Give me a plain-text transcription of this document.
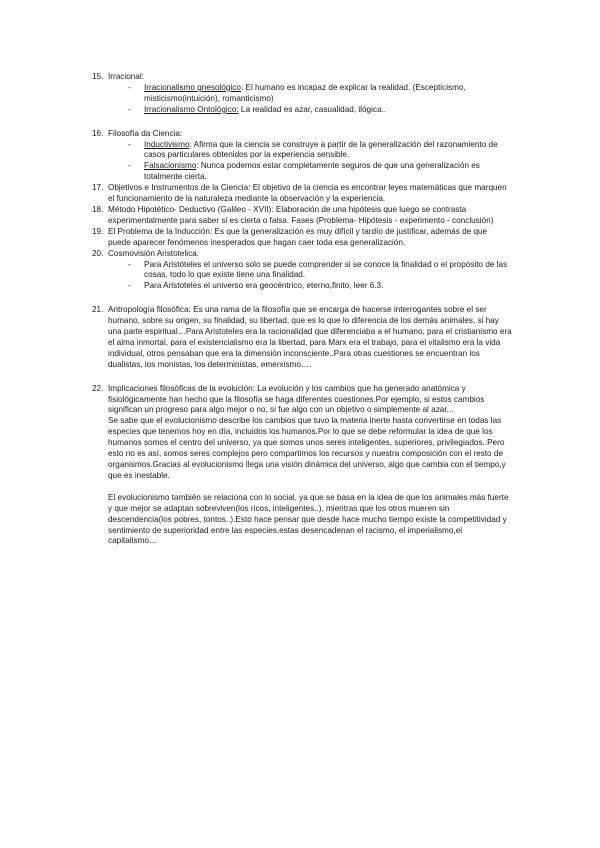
15. Irracional:
- Irracionalismo gnesológico: El humano es incapaz de explicar la realidad. (Escepticismo, misticismo(intuición), romanticismo)
- Irracionalismo Ontológico: La realidad es azar, casualidad, ilógica..
16. Filosofía da Ciencia:
- Inductivismo: Afirma que la ciencia se construye a partir de la generalización del razonamiento de casos particulares obtenidos por la experiencia sensible.
- Falsacionismo: Nunca podemos estar completamente seguros de que una generalización es totalmente cierta.
17. Objetivos e Instrumentos de la Ciencia: El objetivo de la ciencia es encontrar leyes matemáticas que marquen el funcionamiento de la naturaleza mediante la observación y la experiencia.
18. Método Hipotético- Deductivo (Galileo - XVII): Elaboración de una hipótesis que luego se contrasta experimentalmente para saber si es cierta o falsa. Fases (Problema- Hipótesis - experimento - conclusión)
19. El Problema de la Inducción: Es que la generalización es muy difícil y tardío de justificar, además de que puede aparecer fenómenos inesperados que hagan caer toda esa generalización.
20. Cosmovisión Aristotelica:
- Para Aristóteles el universo solo se puede comprender si se conoce la finalidad o el propósito de las cosas, todo lo que existe tiene una finalidad.
- Para Aristoteles el universo era geocéntrico, eterno,finito, leer 6.3.
21. Antropología filosófica: Es una rama de la filosofía que se encarga de hacerse interrogantes sobre el ser humano, sobre su origen, su finalidad, su libertad, que es lo que lo diferencia de los demás animales, si hay una parte espiritual…Para Aristoteles era la racionalidad que diferenciaba a el humano, para el cristianismo era el alma inmortal, para el existencialismo era la libertad, para Marx era el trabajo, para el vitalismo era la vida individual, otros pensaban que era la dimensión inconsciente..Para otras cuestiones se encuentran los dualistas, los monistas, los deterministas, emerxismo….
22. Implicaciones filosóficas de la evolución: La evolución y los cambios que ha generado anatómica y fisiológicamente han hecho que la filosofía se haga diferentes cuestiones.Por ejemplo, si estos cambios significan un progreso para algo mejor o no, si fue algo con un objetivo o simplemente al azar,..

Se sabe que el evolucionismo describe los cambios que tuvo la materia inerte hasta convertirse en todas las especies que tenemos hoy en día, incluidos los humanos.Por lo que se debe reformular la idea de que los humanos somos el centro del universo, ya que somos unos seres inteligentes, superiores, privilegiados..Pero esto no es así, somos seres complejos pero compartimos los recursos y nuestra composición con el resto de organismos.Gracias al evolucionismo llega una visión dinámica del universo, algo que cambia con el tiempo,y que es inestable.

El evolucionismo también se relaciona con lo social, ya que se basa en la idea de que los animales más fuerte y que mejor se adaptan sobreviven(los ricos, inteligentes..), mientras que los otros mueren sin descendencia(los pobres, tontos..).Esto hace pensar que desde hace mucho tiempo existe la competitividad y sentimiento de superioridad entre las especies,estas desencadenan el racismo, el imperialismo,el capitalismo…
